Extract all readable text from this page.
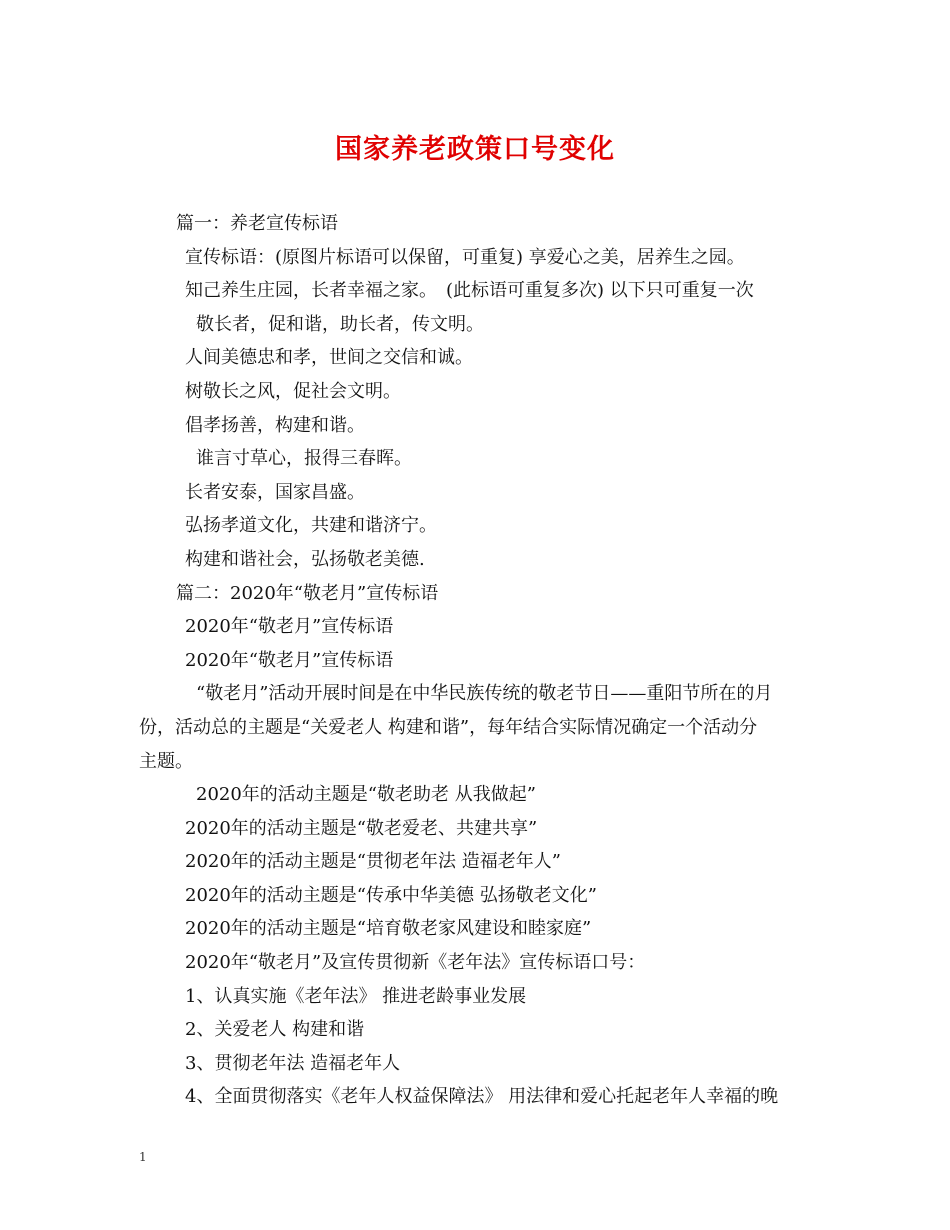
国家养老政策口号变化
篇一：养老宣传标语
宣传标语：(原图片标语可以保留，可重复) 享爱心之美，居养生之园。
知己养生庄园，长者幸福之家。　(此标语可重复多次) 以下只可重复一次
敬长者，促和谐，助长者，传文明。
人间美德忠和孝，世间之交信和诚。
树敬长之风，促社会文明。
倡孝扬善，构建和谐。
谁言寸草心，报得三春晖。
长者安泰，国家昌盛。
弘扬孝道文化，共建和谐济宁。
构建和谐社会，弘扬敬老美德.
篇二：2020年“敬老月”宣传标语
2020年“敬老月”宣传标语
2020年“敬老月”宣传标语
“敬老月”活动开展时间是在中华民族传统的敬老节日——重阳节所在的月
份，活动总的主题是“关爱老人 构建和谐”，每年结合实际情况确定一个活动分
主题。
2020年的活动主题是“敬老助老 从我做起”
2020年的活动主题是“敬老爱老、共建共享”
2020年的活动主题是“贯彻老年法 造福老年人”
2020年的活动主题是“传承中华美德 弘扬敬老文化”
2020年的活动主题是“培育敬老家风建设和睦家庭”
2020年“敬老月”及宣传贯彻新《老年法》宣传标语口号：
1、认真实施《老年法》 推进老龄事业发展
2、关爱老人 构建和谐
3、贯彻老年法 造福老年人
4、全面贯彻落实《老年人权益保障法》 用法律和爱心托起老年人幸福的晚
1
